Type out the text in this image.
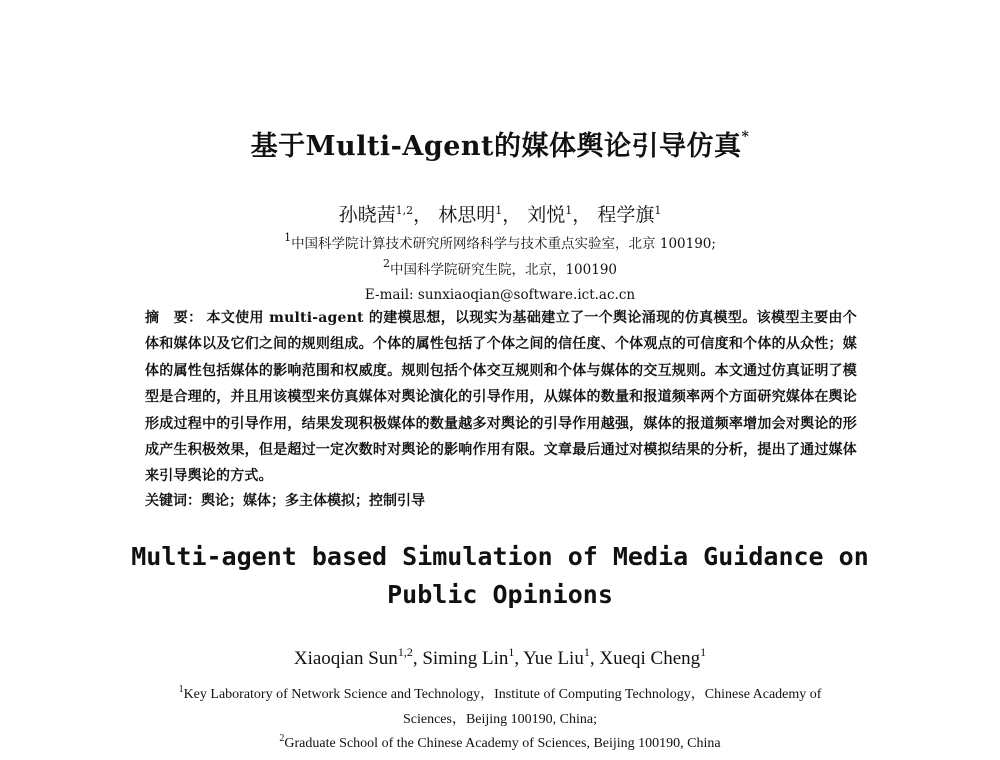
基于Multi-Agent的媒体舆论引导仿真*
孙晓茜$^{1,2}$， 林思明$^1$， 刘悦$^1$， 程学旗$^1$
$^1$中国科学院计算技术研究所网络科学与技术重点实验室，北京 100190;
$^2$中国科学院研究生院，北京，100190
E-mail: sunxiaoqian@software.ict.ac.cn
摘　要： 本文使用 multi-agent 的建模思想，以现实为基础建立了一个舆论涌现的仿真模型。该模型主要由个体和媒体以及它们之间的规则组成。个体的属性包括了个体之间的信任度、个体观点的可信度和个体的从众性；媒体的属性包括媒体的影响范围和权威度。规则包括个体交互规则和个体与媒体的交互规则。本文通过仿真证明了模型是合理的，并且用该模型来仿真媒体对舆论演化的引导作用，从媒体的数量和报道频率两个方面研究媒体在舆论形成过程中的引导作用，结果发现积极媒体的数量越多对舆论的引导作用越强，媒体的报道频率增加会对舆论的形成产生积极效果，但是超过一定次数时对舆论的影响作用有限。文章最后通过对模拟结果的分析，提出了通过媒体来引导舆论的方式。
关键词：舆论；媒体；多主体模拟；控制引导
Multi-agent based Simulation of Media Guidance on
Public Opinions
Xiaoqian Sun$^{1,2}$, Siming Lin$^1$, Yue Liu$^1$, Xueqi Cheng$^1$
$^1$Key Laboratory of Network Science and Technology，Institute of Computing Technology，Chinese Academy of
Sciences，Beijing 100190, China;
$^2$Graduate School of the Chinese Academy of Sciences, Beijing 100190, China
